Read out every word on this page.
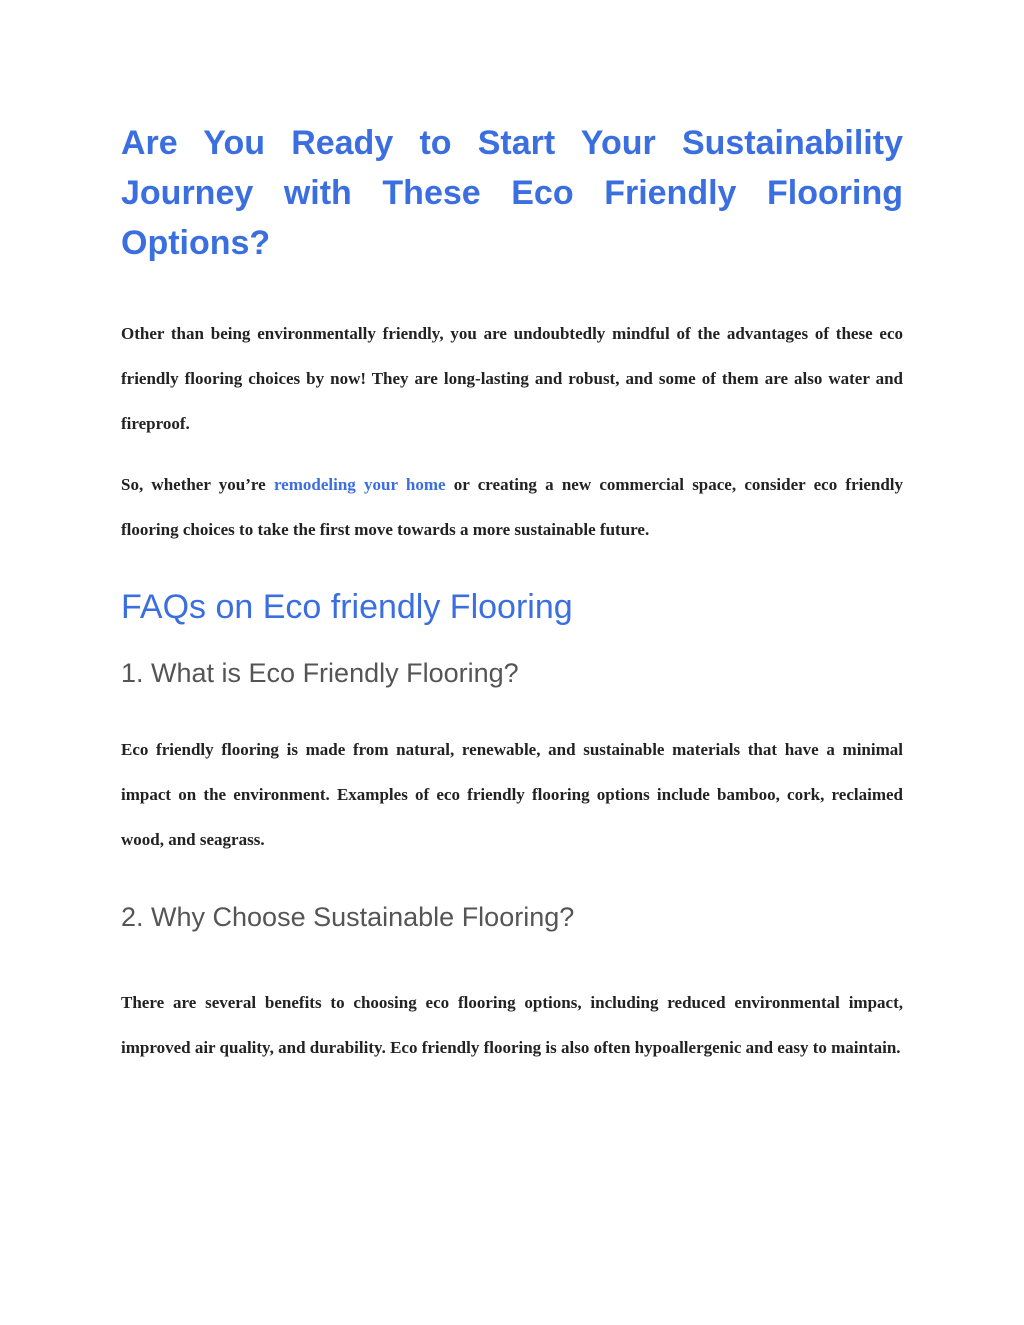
Are You Ready to Start Your Sustainability Journey with These Eco Friendly Flooring Options?

Other than being environmentally friendly, you are undoubtedly mindful of the advantages of these eco friendly flooring choices by now! They are long-lasting and robust, and some of them are also water and fireproof.

So, whether you’re remodeling your home or creating a new commercial space, consider eco friendly flooring choices to take the first move towards a more sustainable future.

FAQs on Eco friendly Flooring
1. What is Eco Friendly Flooring?

Eco friendly flooring is made from natural, renewable, and sustainable materials that have a minimal impact on the environment. Examples of eco friendly flooring options include bamboo, cork, reclaimed wood, and seagrass.

2. Why Choose Sustainable Flooring?

There are several benefits to choosing eco flooring options, including reduced environmental impact, improved air quality, and durability. Eco friendly flooring is also often hypoallergenic and easy to maintain.
